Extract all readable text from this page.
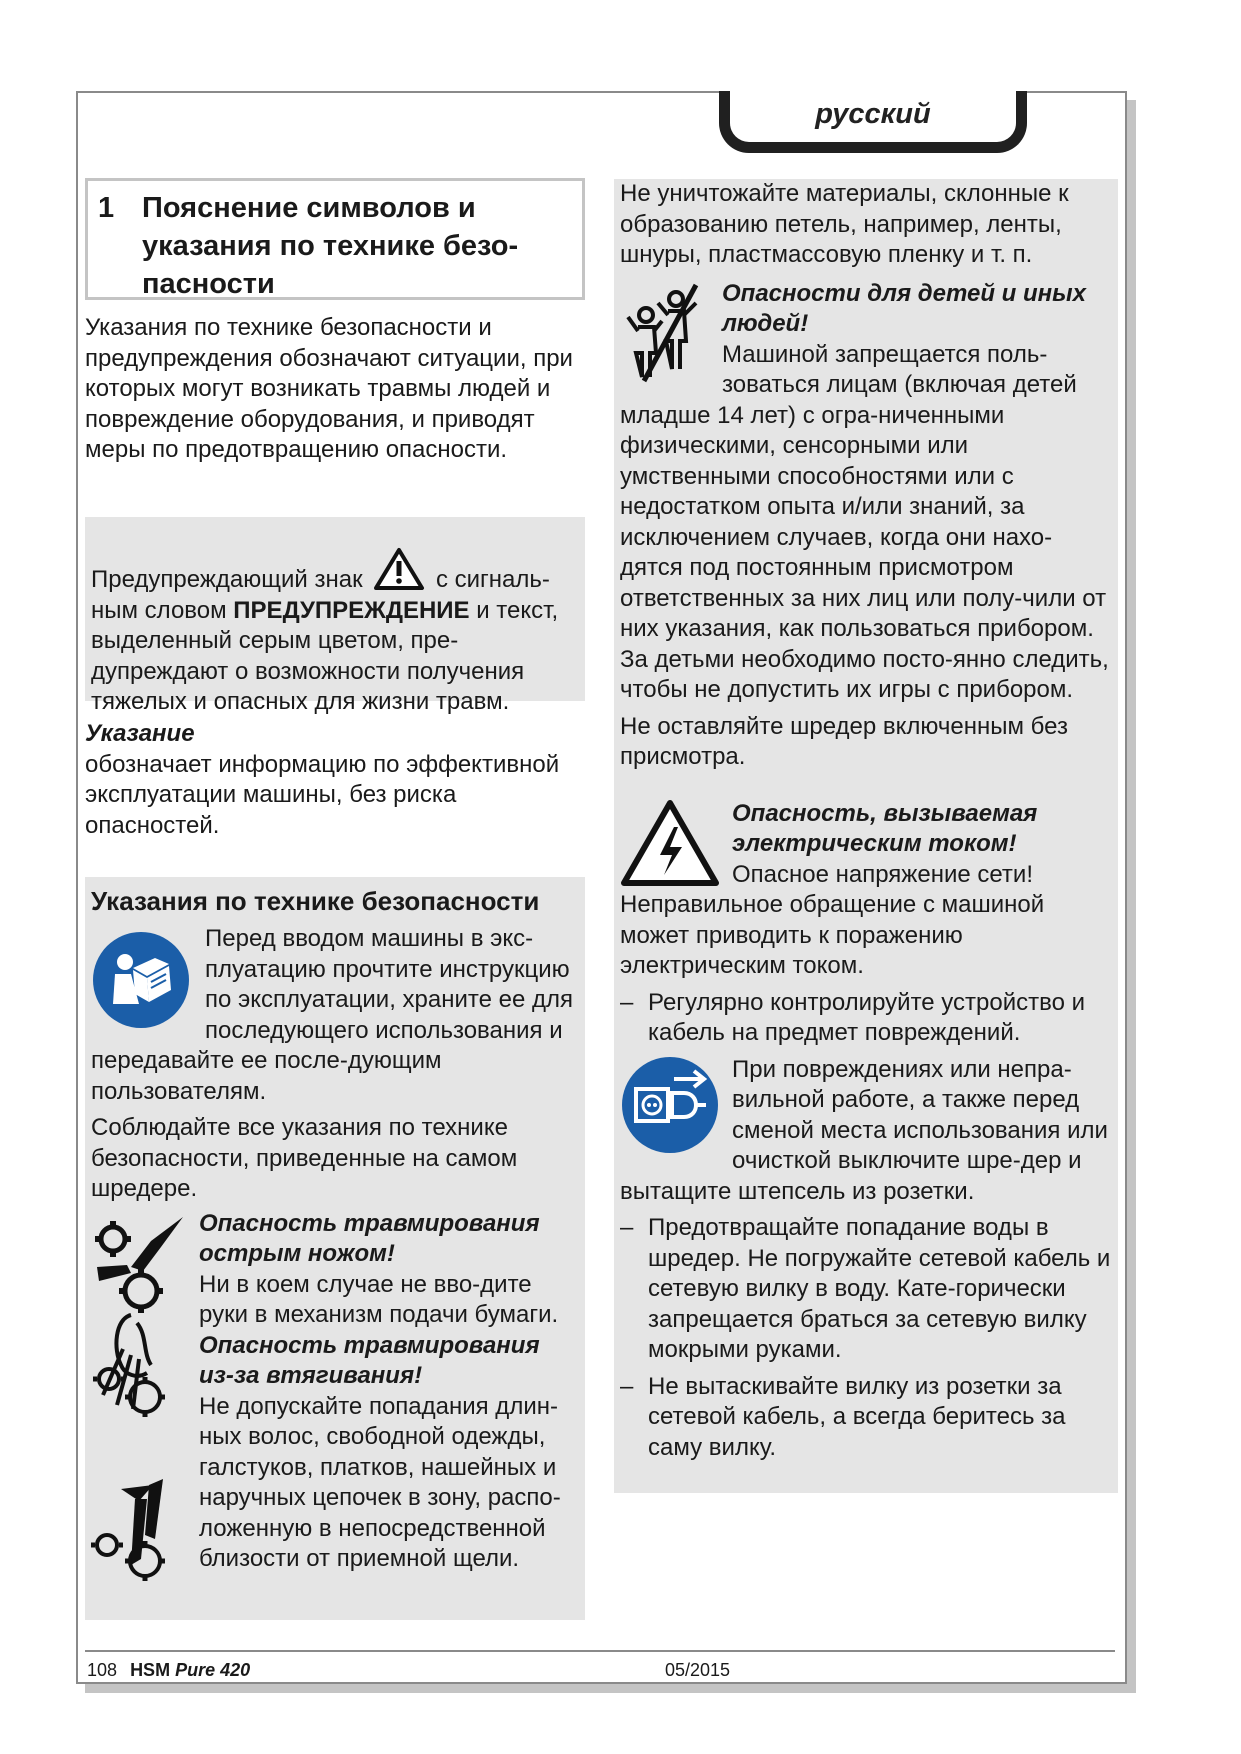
русский
1 Пояснение символов и указания по технике безо-пасности

Указания по технике безопасности и предупреждения обозначают ситуации, при которых могут возникать травмы людей и повреждение оборудования, и приводят меры по предотвращению опасности.

Предупреждающий знак	с сигналь-ным словом ПРЕДУПРЕЖДЕНИЕ и текст, выделенный серым цветом, пре-дупреждают о возможности получения тяжелых и опасных для жизни травм.

Указание

обозначает информацию по эффективной эксплуатации машины, без риска опасностей.

Указания по технике безопасности

Перед вводом машины в экс-плуатацию прочтите инструкцию по эксплуатации, храните ее для последующего использования и передавайте ее после-дующим пользователям.

Соблюдайте все указания по технике безопасности, приведенные на самом шредере.

Опасность травмирования острым ножом!

Ни в коем случае не вво-дите руки в механизм подачи бумаги.

Опасность травмирования из-за втягивания!

Не допускайте попадания длин-ных волос, свободной одежды, галстуков, платков, нашейных и наручных цепочек в зону, распо-ложенную в непосредственной близости от приемной щели.

Не уничтожайте материалы, склонные к образованию петель, например, ленты, шнуры, пластмассовую пленку и т. п.

Опасности для детей и иных людей!

Машиной запрещается поль-зоваться лицам (включая детей младше 14 лет) с огра-ниченными физическими, сенсорными или умственными способностями или с недостатком опыта и/или знаний, за исключением случаев, когда они нахо-дятся под постоянным присмотром ответственных за них лиц или полу-чили от них указания, как пользоваться прибором. За детьми необходимо посто-янно следить, чтобы не допустить их игры с прибором.

Не оставляйте шредер включенным без присмотра.

Опасность, вызываемая электрическим током!

Опасное напряжение сети! Неправильное обращение с машиной может приводить к поражению электрическим током.

– Регулярно контролируйте устройство и кабель на предмет повреждений.

При повреждениях или непра-вильной работе, а также перед сменой места использования или очисткой выключите шре-дер и вытащите штепсель из розетки.

– Предотвращайте попадание воды в шредер. Не погружайте сетевой кабель и сетевую вилку в воду. Кате-горически запрещается браться за сетевую вилку мокрыми руками.

– Не вытаскивайте вилку из розетки за сетевой кабель, а всегда беритесь за саму вилку.

108 HSM Pure 420	05/2015
